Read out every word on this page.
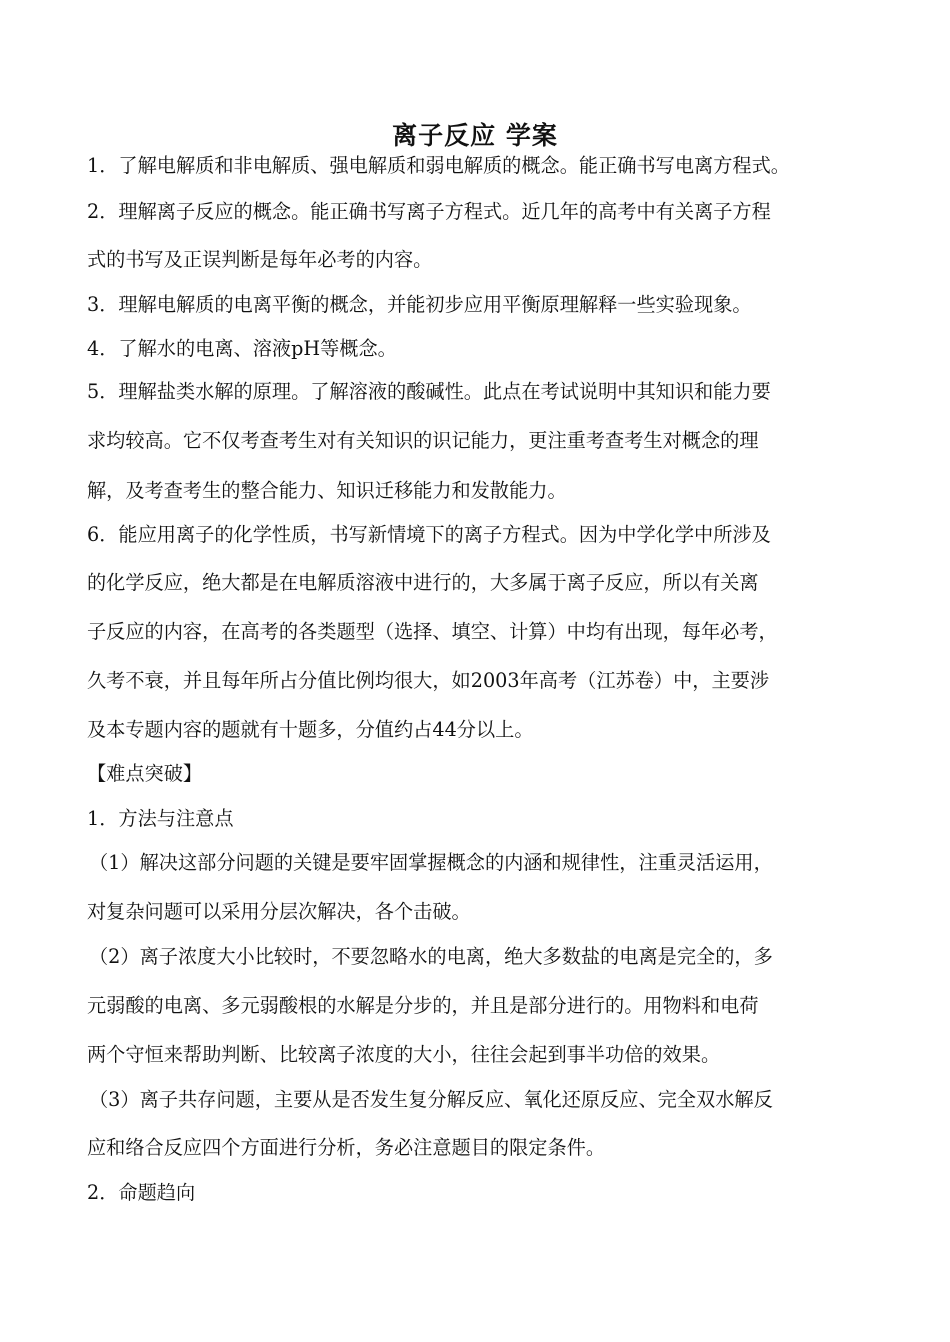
离子反应 学案
1．了解电解质和非电解质、强电解质和弱电解质的概念。能正确书写电离方程式。
2．理解离子反应的概念。能正确书写离子方程式。近几年的高考中有关离子方程
式的书写及正误判断是每年必考的内容。
3．理解电解质的电离平衡的概念，并能初步应用平衡原理解释一些实验现象。
4．了解水的电离、溶液pH等概念。
5．理解盐类水解的原理。了解溶液的酸碱性。此点在考试说明中其知识和能力要
求均较高。它不仅考查考生对有关知识的识记能力，更注重考查考生对概念的理
解，及考查考生的整合能力、知识迁移能力和发散能力。
6．能应用离子的化学性质，书写新情境下的离子方程式。因为中学化学中所涉及
的化学反应，绝大都是在电解质溶液中进行的，大多属于离子反应，所以有关离
子反应的内容，在高考的各类题型（选择、填空、计算）中均有出现，每年必考，
久考不衰，并且每年所占分值比例均很大，如2003年高考（江苏卷）中，主要涉
及本专题内容的题就有十题多，分值约占44分以上。
【难点突破】
1．方法与注意点
（1）解决这部分问题的关键是要牢固掌握概念的内涵和规律性，注重灵活运用，
对复杂问题可以采用分层次解决，各个击破。
（2）离子浓度大小比较时，不要忽略水的电离，绝大多数盐的电离是完全的，多
元弱酸的电离、多元弱酸根的水解是分步的，并且是部分进行的。用物料和电荷
两个守恒来帮助判断、比较离子浓度的大小，往往会起到事半功倍的效果。
（3）离子共存问题，主要从是否发生复分解反应、氧化还原反应、完全双水解反
应和络合反应四个方面进行分析，务必注意题目的限定条件。
2．命题趋向
